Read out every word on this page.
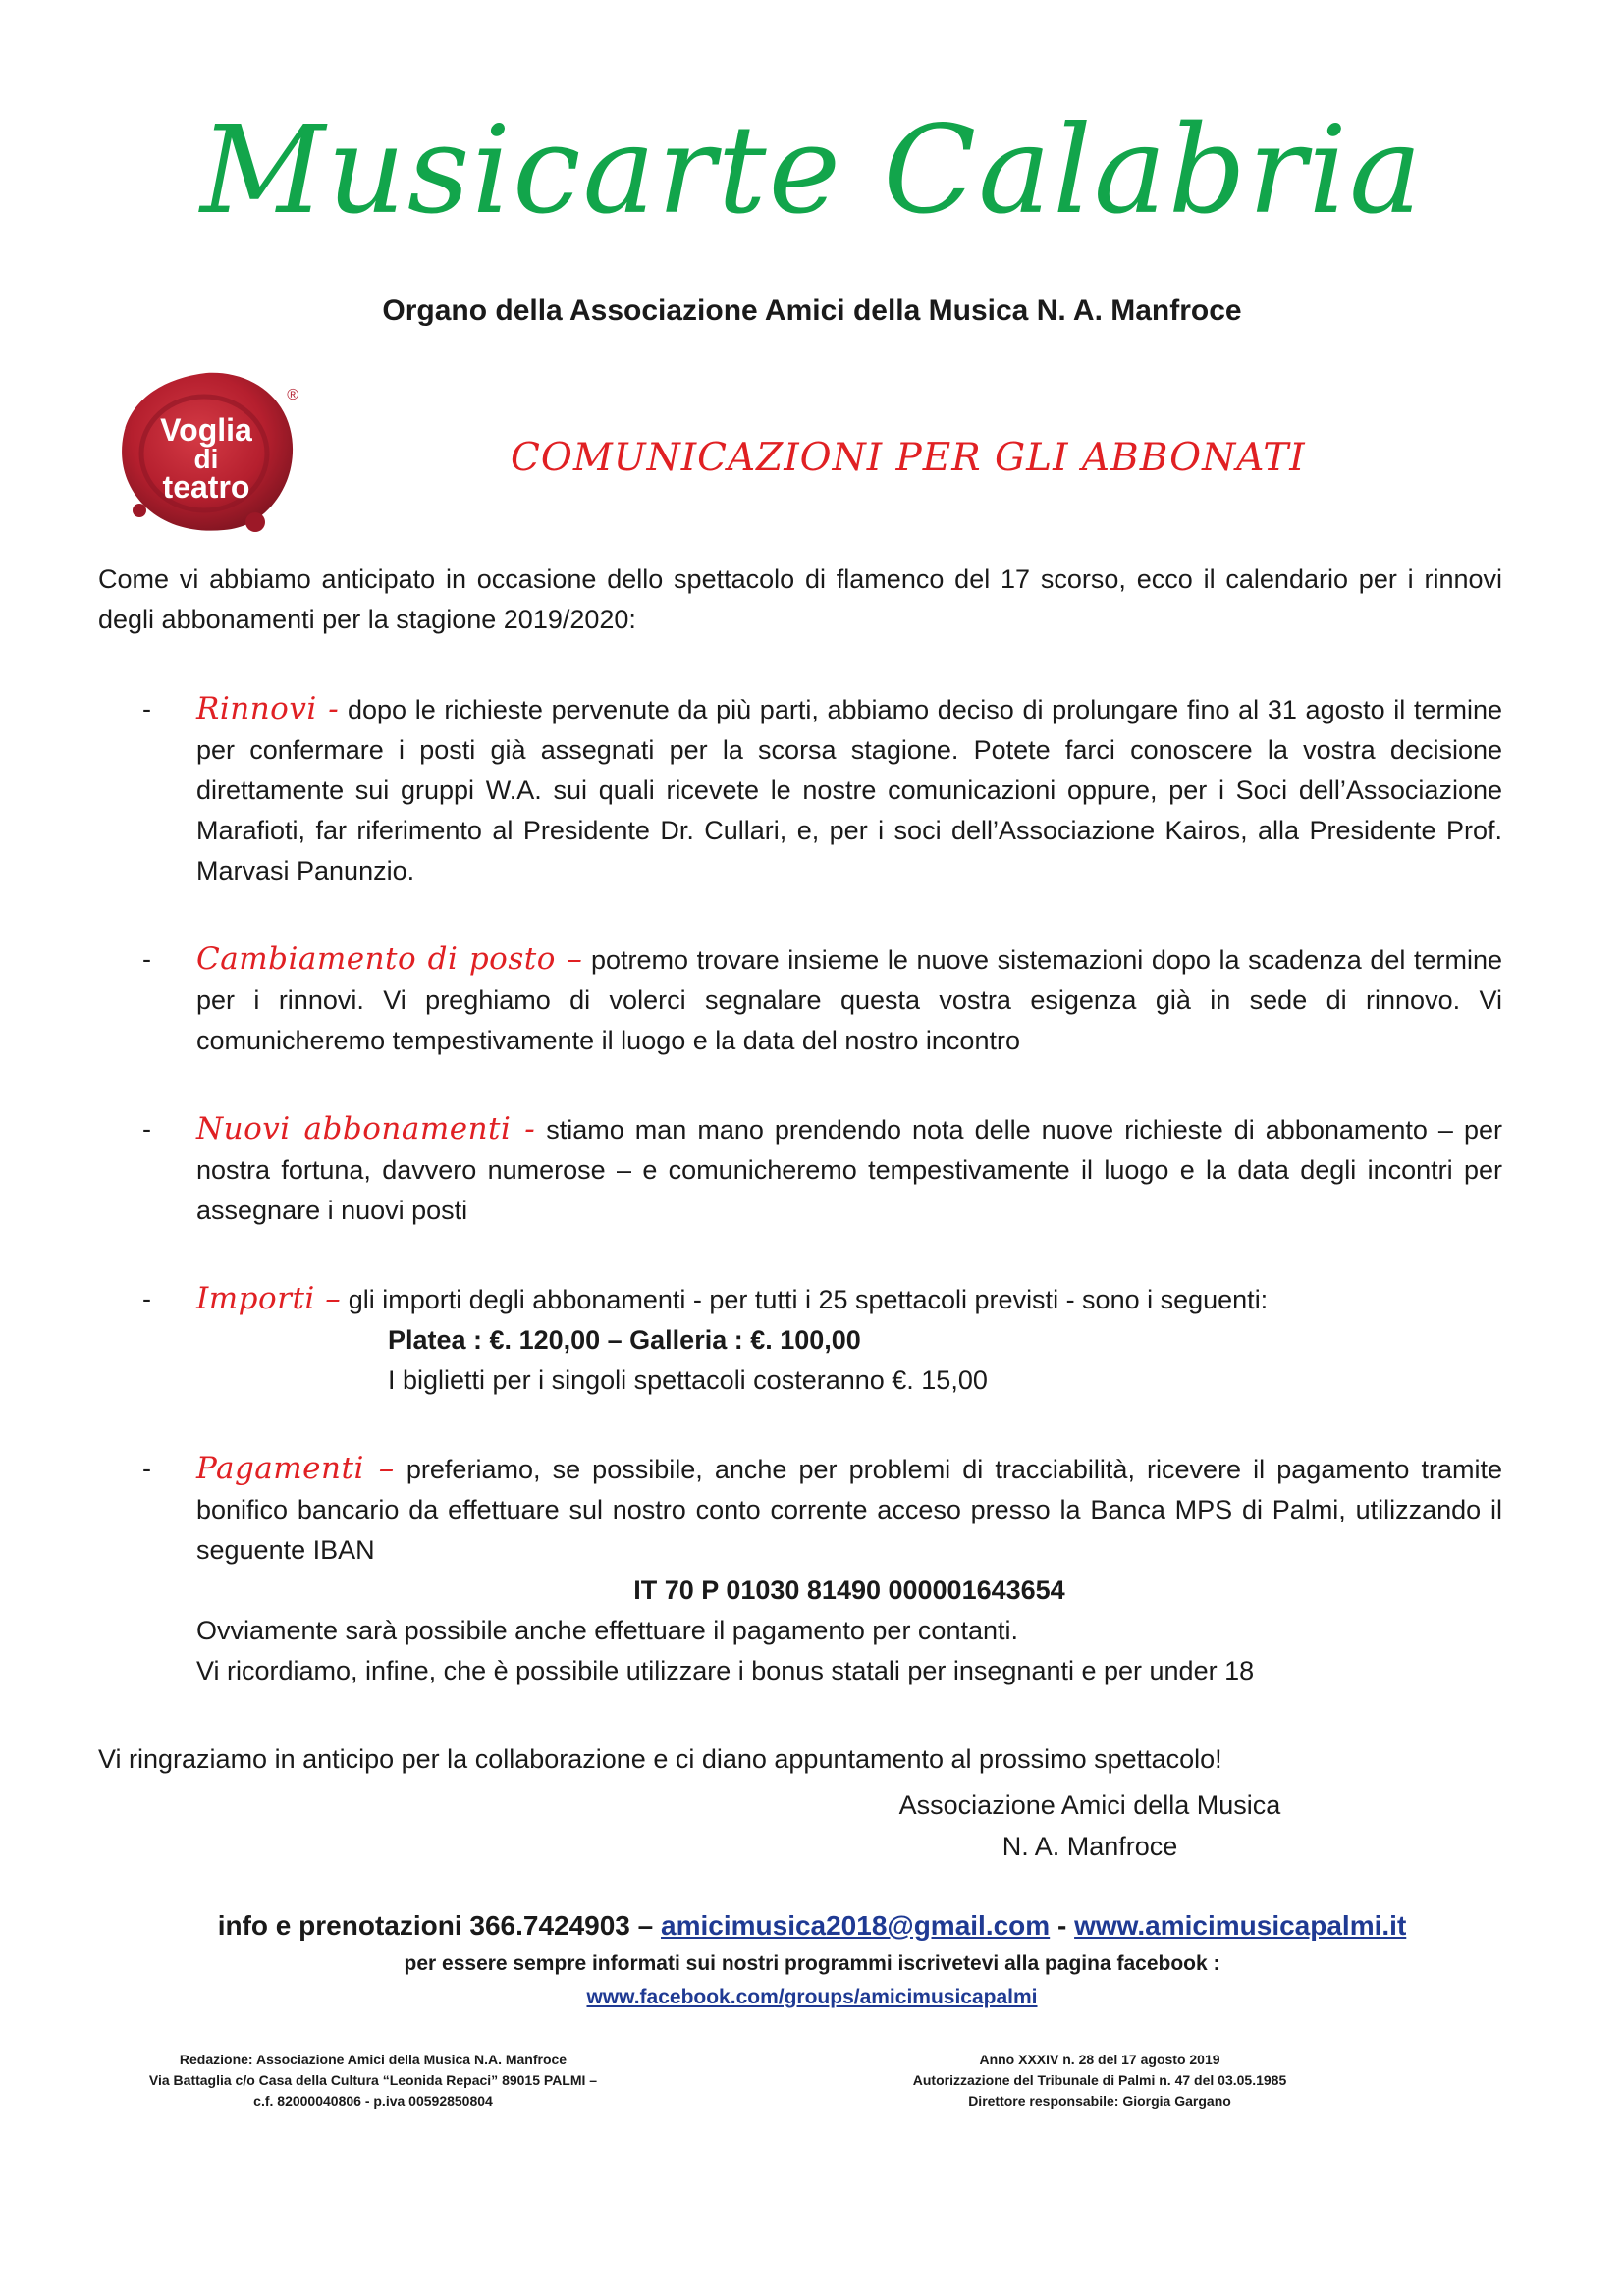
Musicarte Calabria
Organo della Associazione Amici della Musica N. A. Manfroce
Voglia
di
teatro
®
COMUNICAZIONI PER GLI ABBONATI

Come vi abbiamo anticipato in occasione dello spettacolo di flamenco del 17 scorso, ecco il calendario per i rinnovi degli abbonamenti per la stagione 2019/2020:

- Rinnovi - dopo le richieste pervenute da più parti, abbiamo deciso di prolungare fino al 31 agosto il termine per confermare i posti già assegnati per la scorsa stagione. Potete farci conoscere la vostra decisione direttamente sui gruppi W.A. sui quali ricevete le nostre comunicazioni oppure, per i Soci dell’Associazione Marafioti, far riferimento al Presidente Dr. Cullari, e, per i soci dell’Associazione Kairos, alla Presidente Prof. Marvasi Panunzio.
- Cambiamento di posto – potremo trovare insieme le nuove sistemazioni dopo la scadenza del termine per i rinnovi. Vi preghiamo di volerci segnalare questa vostra esigenza già in sede di rinnovo. Vi comunicheremo tempestivamente il luogo e la data del nostro incontro
- Nuovi abbonamenti - stiamo man mano prendendo nota delle nuove richieste di abbonamento – per nostra fortuna, davvero numerose – e comunicheremo tempestivamente il luogo e la data degli incontri per assegnare i nuovi posti
- Importi – gli importi degli abbonamenti - per tutti i 25 spettacoli previsti - sono i seguenti:
Platea : €. 120,00 – Galleria : €. 100,00
I biglietti per i singoli spettacoli costeranno €. 15,00
- Pagamenti – preferiamo, se possibile, anche per problemi di tracciabilità, ricevere il pagamento tramite bonifico bancario da effettuare sul nostro conto corrente acceso presso la Banca MPS di Palmi, utilizzando il seguente IBAN
IT 70 P 01030 81490 000001643654
Ovviamente sarà possibile anche effettuare il pagamento per contanti.
Vi ricordiamo, infine, che è possibile utilizzare i bonus statali per insegnanti e per under 18

Vi ringraziamo in anticipo per la collaborazione e ci diano appuntamento al prossimo spettacolo!

Associazione Amici della Musica
N. A. Manfroce
info e prenotazioni 366.7424903 – amicimusica2018@gmail.com - www.amicimusicapalmi.it
per essere sempre informati sui nostri programmi iscrivetevi alla pagina facebook :
www.facebook.com/groups/amicimusicapalmi
Redazione: Associazione Amici della Musica N.A. Manfroce
Via Battaglia c/o Casa della Cultura “Leonida Repaci” 89015 PALMI –
c.f. 82000040806 - p.iva 00592850804
Anno XXXIV n. 28 del 17 agosto 2019
Autorizzazione del Tribunale di Palmi n. 47 del 03.05.1985
Direttore responsabile: Giorgia Gargano
